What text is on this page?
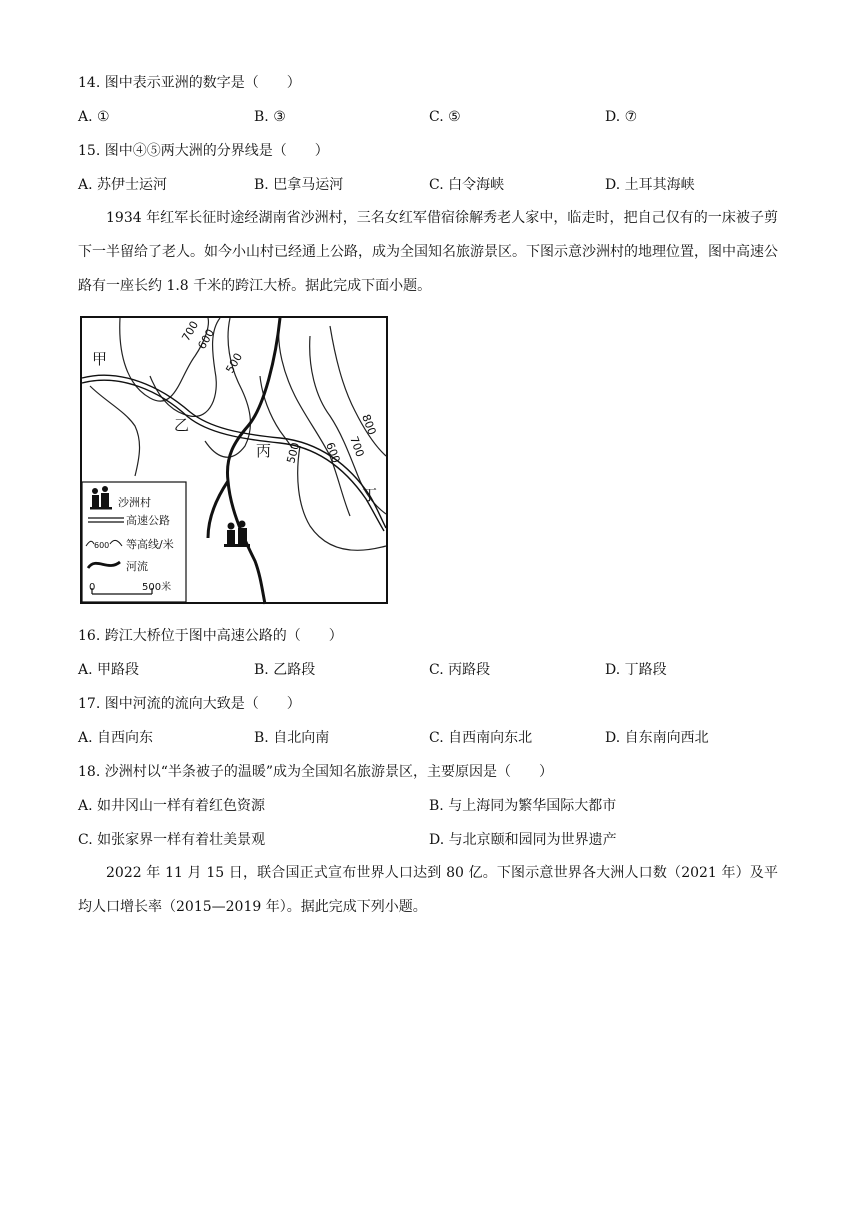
14. 图中表示亚洲的数字是（　　）
A. ①	B. ③	C. ⑤	D. ⑦
15. 图中④⑤两大洲的分界线是（　　）
A. 苏伊士运河	B. 巴拿马运河	C. 白令海峡	D. 土耳其海峡
1934 年红军长征时途经湖南省沙洲村，三名女红军借宿徐解秀老人家中，临走时，把自己仅有的一床被子剪下一半留给了老人。如今小山村已经通上公路，成为全国知名旅游景区。下图示意沙洲村的地理位置，图中高速公路有一座长约 1.8 千米的跨江大桥。据此完成下面小题。
700
600
500
600 700
800
500
甲
乙
丙
丁
沙洲村
高速公路
600 等高线/米
河流
0	500米
16. 跨江大桥位于图中高速公路的（　　）
A. 甲路段	B. 乙路段	C. 丙路段	D. 丁路段
17. 图中河流的流向大致是（　　）
A. 自西向东	B. 自北向南	C. 自西南向东北	D. 自东南向西北
18. 沙洲村以“半条被子的温暖”成为全国知名旅游景区，主要原因是（　　）
A. 如井冈山一样有着红色资源	B. 与上海同为繁华国际大都市
C. 如张家界一样有着壮美景观	D. 与北京颐和园同为世界遗产
2022 年 11 月 15 日，联合国正式宣布世界人口达到 80 亿。下图示意世界各大洲人口数（2021 年）及平均人口增长率（2015—2019 年）。据此完成下列小题。
